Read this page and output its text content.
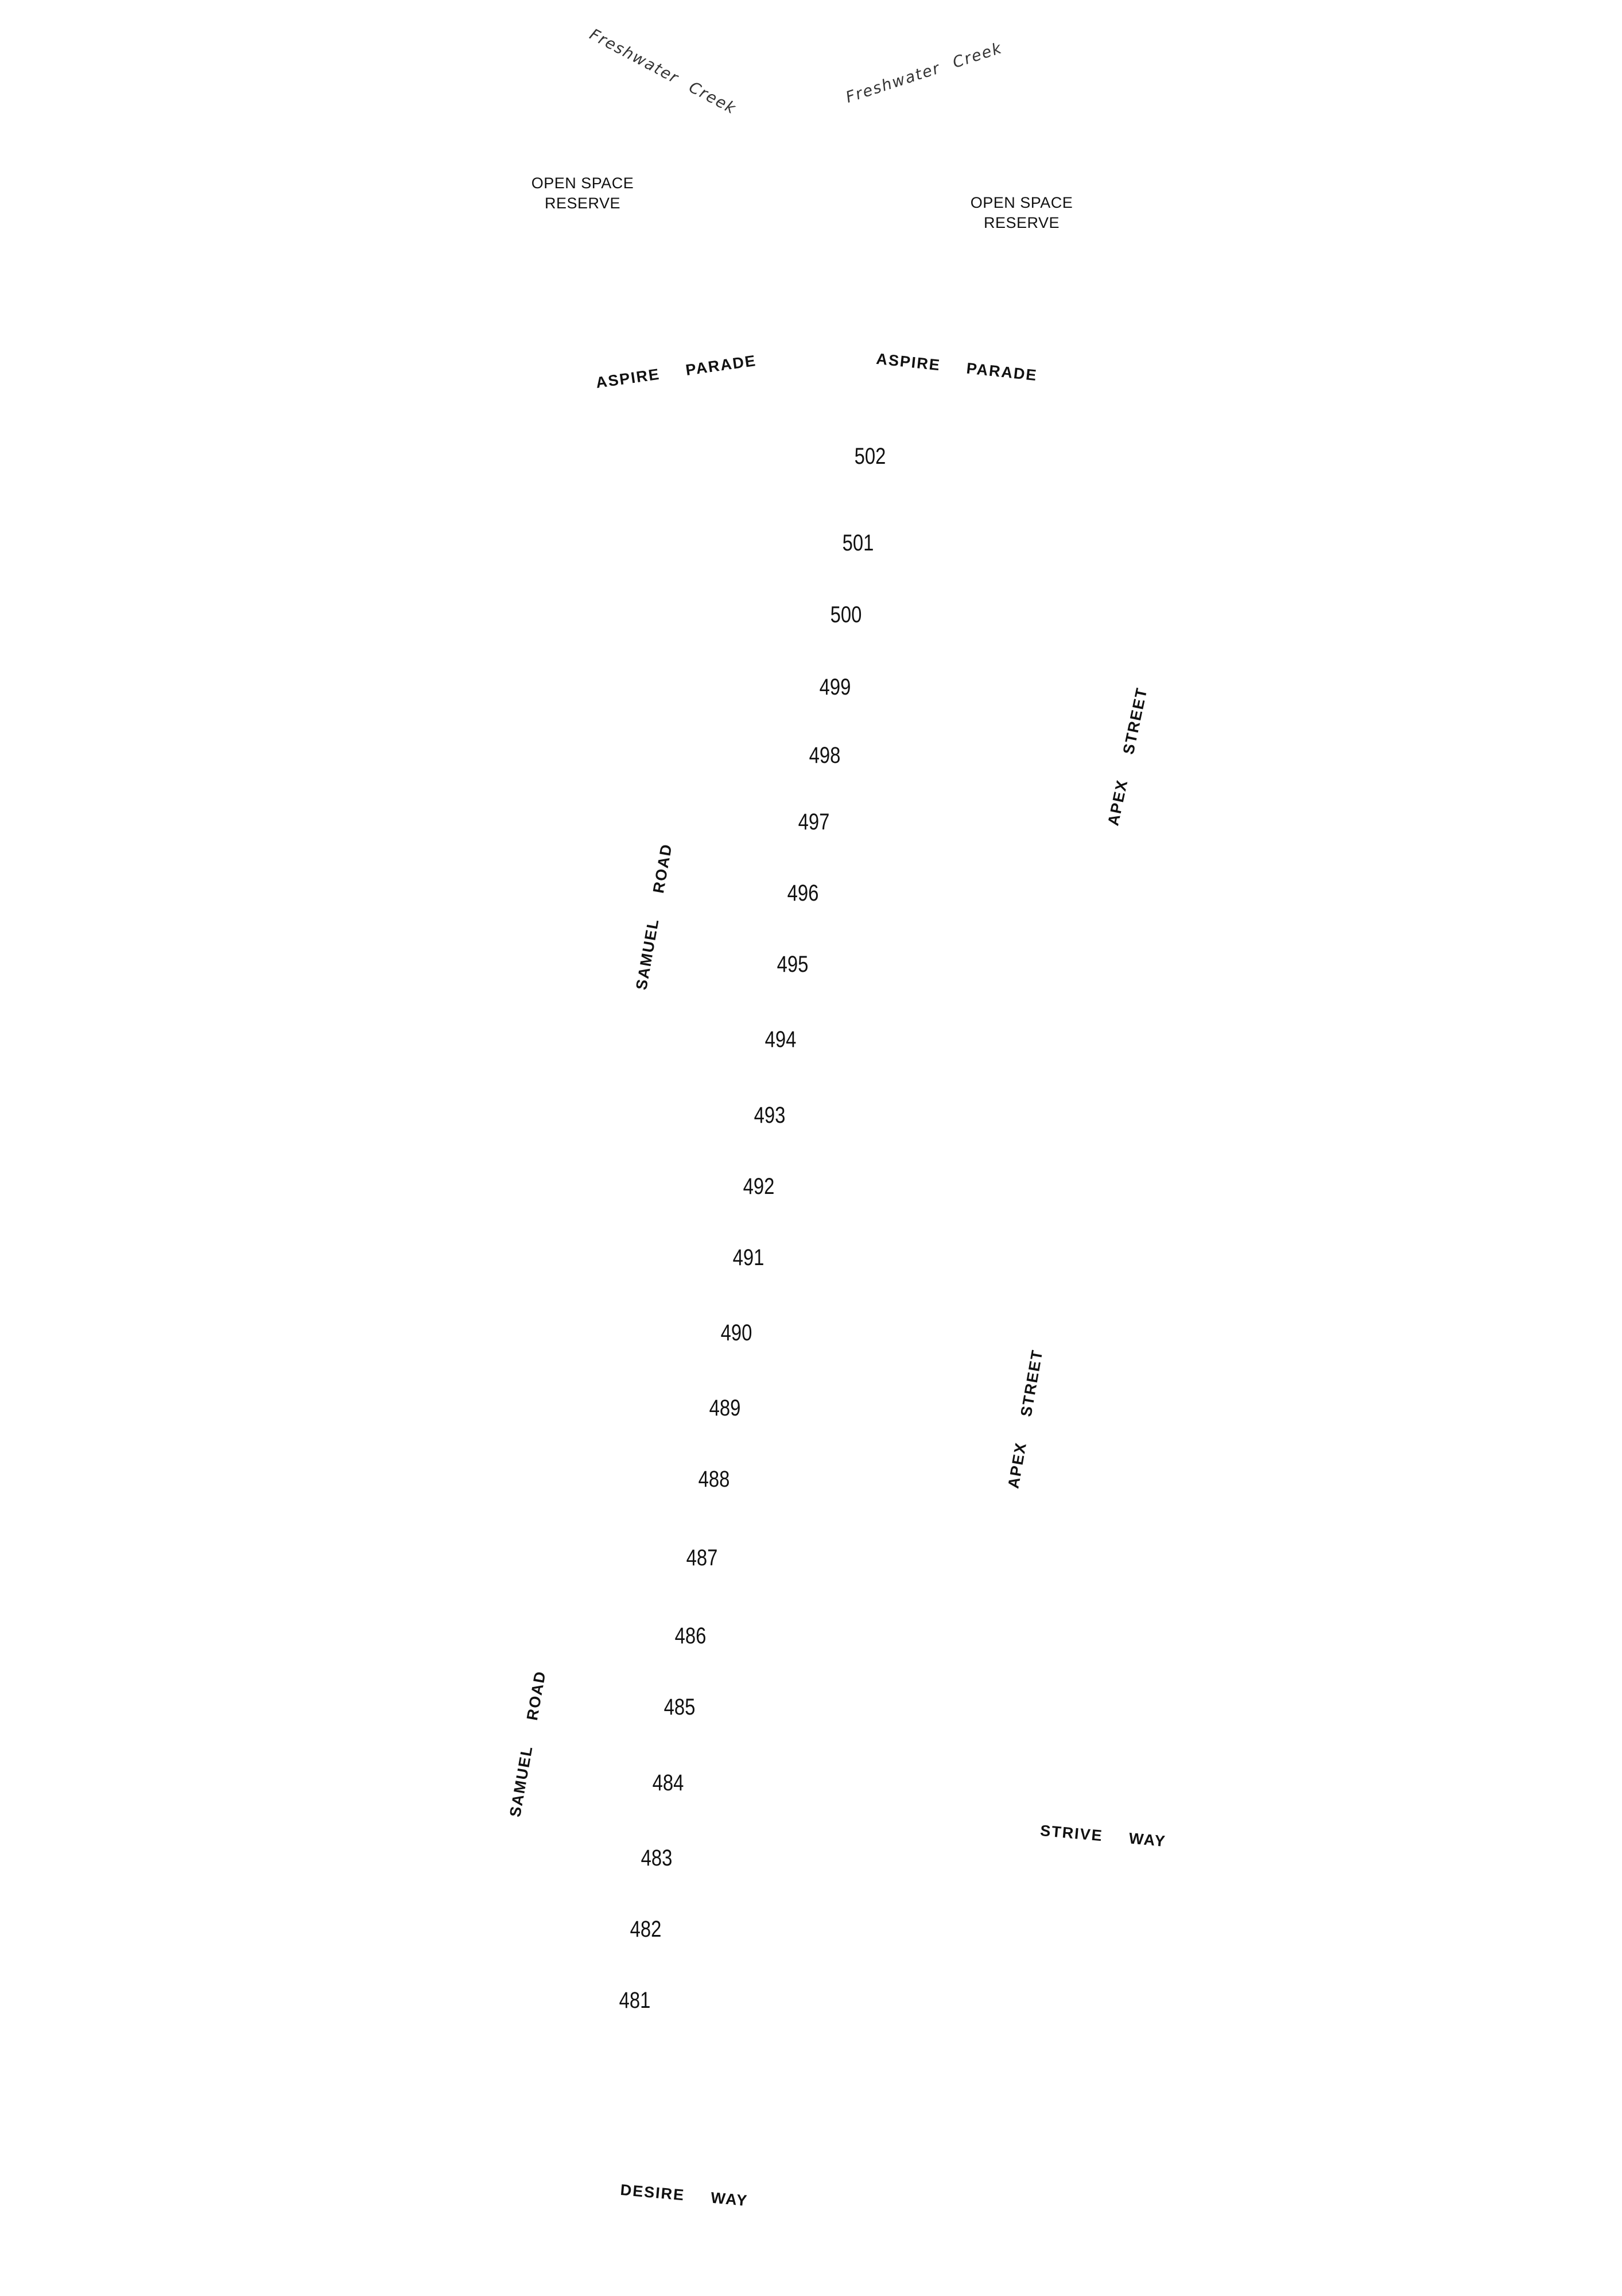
Freshwater Creek	Freshwater Creek
OPEN SPACE
RESERVE	OPEN SPACE
RESERVE
ASPIRE PARADE	ASPIRE PARADE
APEX STREET
APEX STREET
SAMUEL ROAD
SAMUEL ROAD
STRIVE WAY
DESIRE WAY
502
501
500
499
498
497
496
495
494
493
492
491
490
489
488
487
486
485
484
483
482
481
